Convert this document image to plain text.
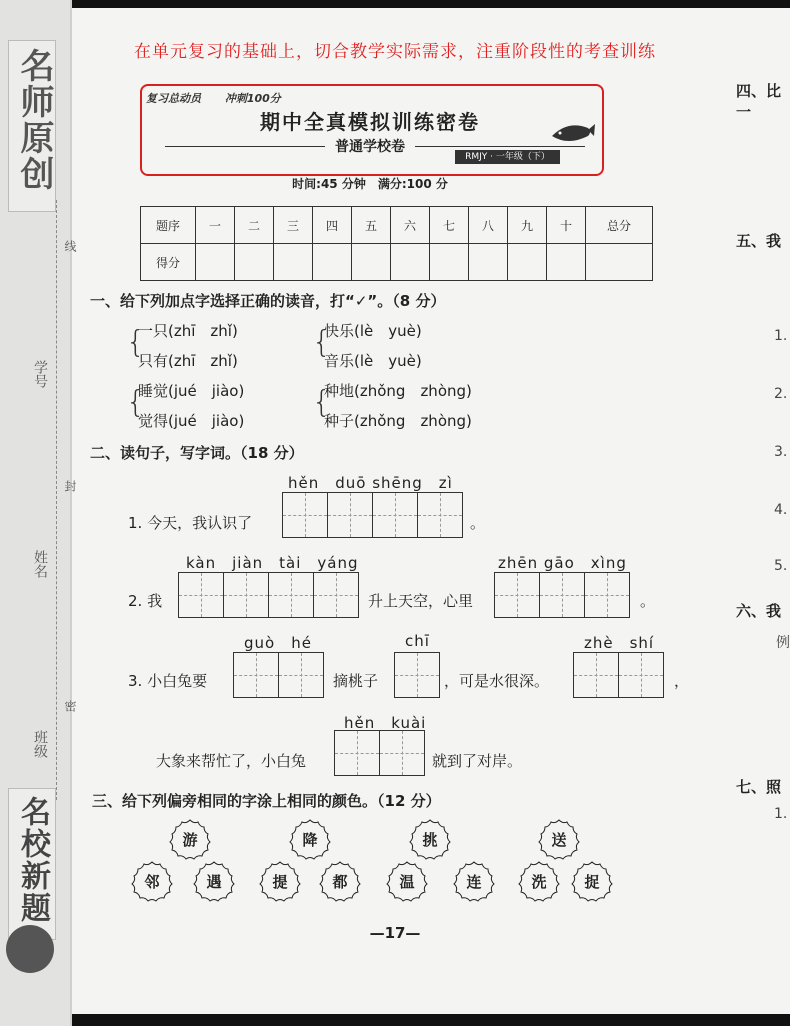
名师原创
名校新题
学号
姓名
班级
线
封
密
在单元复习的基础上，切合教学实际需求，注重阶段性的考查训练
复习总动员 冲刺100分
期中全真模拟训练密卷
普通学校卷
RMJY · 一年级（下）
时间:45 分钟　满分:100 分
题序	一	二	三	四	五	六	七	八	九	十	总分
得分											
一、给下列加点字选择正确的读音，打“✓”。（8 分）
{
一只(zhī　zhǐ)
只有(zhī　zhǐ)
{
快乐(lè　yuè)
音乐(lè　yuè)
{
睡觉(jué　jiào)
觉得(jué　jiào)
{
种地(zhǒng　zhòng)
种子(zhǒng　zhòng)
二、读句子，写字词。（18 分）
hěn　duō shēng　zì
1. 今天，我认识了	。
kàn　jiàn　tài　yáng
2. 我	升上天空，心里
zhēn gāo　xìng
。
guò　hé
3. 小白兔要	摘桃子
chī
，可是水很深。
zhè　shí
，
hěn　kuài
大象来帮忙了，小白兔	就到了对岸。
三、给下列偏旁相同的字涂上相同的颜色。（12 分）
游	降	挑	送
邻	遇	提	都	温	连	洗	捉
—17—
四、比一
五、我
1.
2.
3.
4.
5.
六、我
例
七、照
1.
